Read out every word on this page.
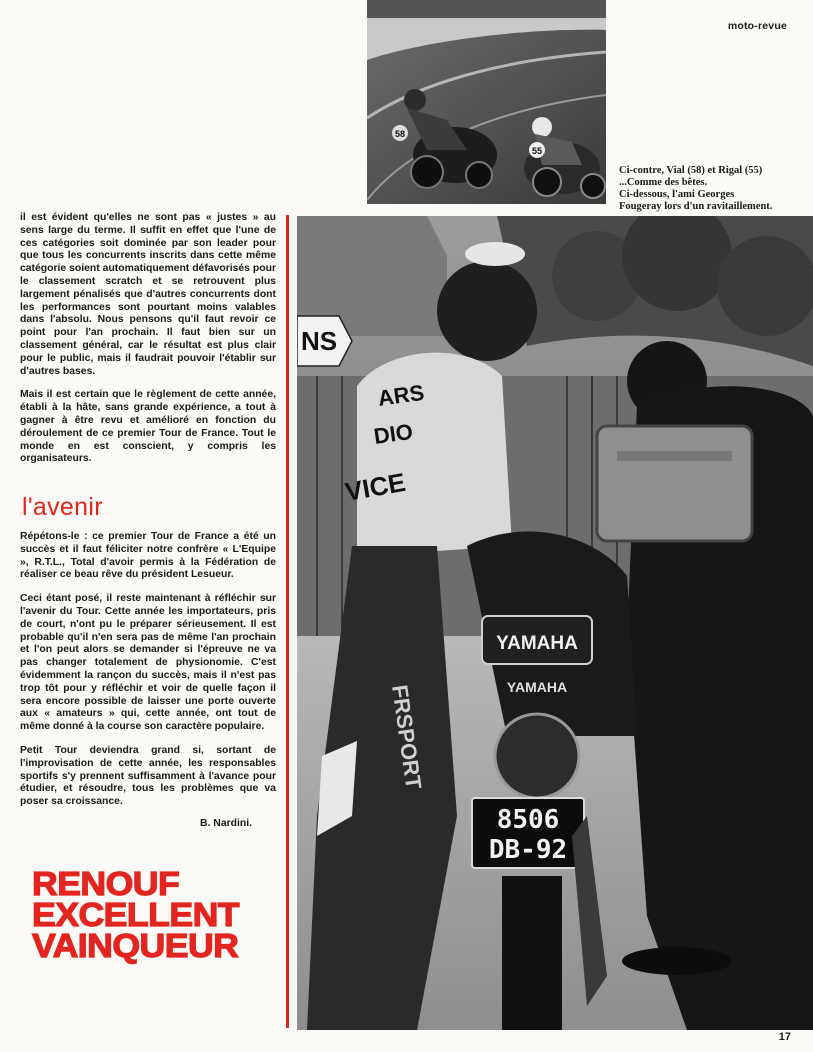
moto-revue
58
55
Ci-contre, Vial (58) et Rigal (55)
...Comme des bêtes.
Ci-dessous, l'ami Georges
Fougeray lors d'un ravitaillement.
NS
ARS
DIO
VICE
FRSPORT
YAMAHA
YAMAHA
8506
DB-92

il est évident qu'elles ne sont pas « justes » au sens large du terme. Il suffit en effet que l'une de ces catégories soit dominée par son leader pour que tous les concurrents inscrits dans cette même catégorie soient automatiquement défavorisés pour le classement scratch et se retrouvent plus largement pénalisés que d'autres concurrents dont les performances sont pourtant moins valables dans l'absolu. Nous pensons qu'il faut revoir ce point pour l'an prochain. Il faut bien sur un classement général, car le résultat est plus clair pour le public, mais il faudrait pouvoir l'établir sur d'autres bases.

Mais il est certain que le règlement de cette année, établi à la hâte, sans grande expérience, a tout à gagner à être revu et amélioré en fonction du déroulement de ce premier Tour de France. Tout le monde en est conscient, y compris les organisateurs.

l'avenir

Répétons-le : ce premier Tour de France a été un succès et il faut féliciter notre confrère « L'Equipe », R.T.L., Total d'avoir permis à la Fédération de réaliser ce beau rêve du président Lesueur.

Ceci étant posé, il reste maintenant à réfléchir sur l'avenir du Tour. Cette année les importateurs, pris de court, n'ont pu le préparer sérieusement. Il est probable qu'il n'en sera pas de même l'an prochain et l'on peut alors se demander si l'épreuve ne va pas changer totalement de physionomie. C'est évidemment la rançon du succès, mais il n'est pas trop tôt pour y réfléchir et voir de quelle façon il sera encore possible de laisser une porte ouverte aux « amateurs » qui, cette année, ont tout de même donné à la course son caractère populaire.

Petit Tour deviendra grand si, sortant de l'improvisation de cette année, les responsables sportifs s'y prennent suffisamment à l'avance pour étudier, et résoudre, tous les problèmes que va poser sa croissance.

B. Nardini.

RENOUF
EXCELLENT
VAINQUEUR
17
